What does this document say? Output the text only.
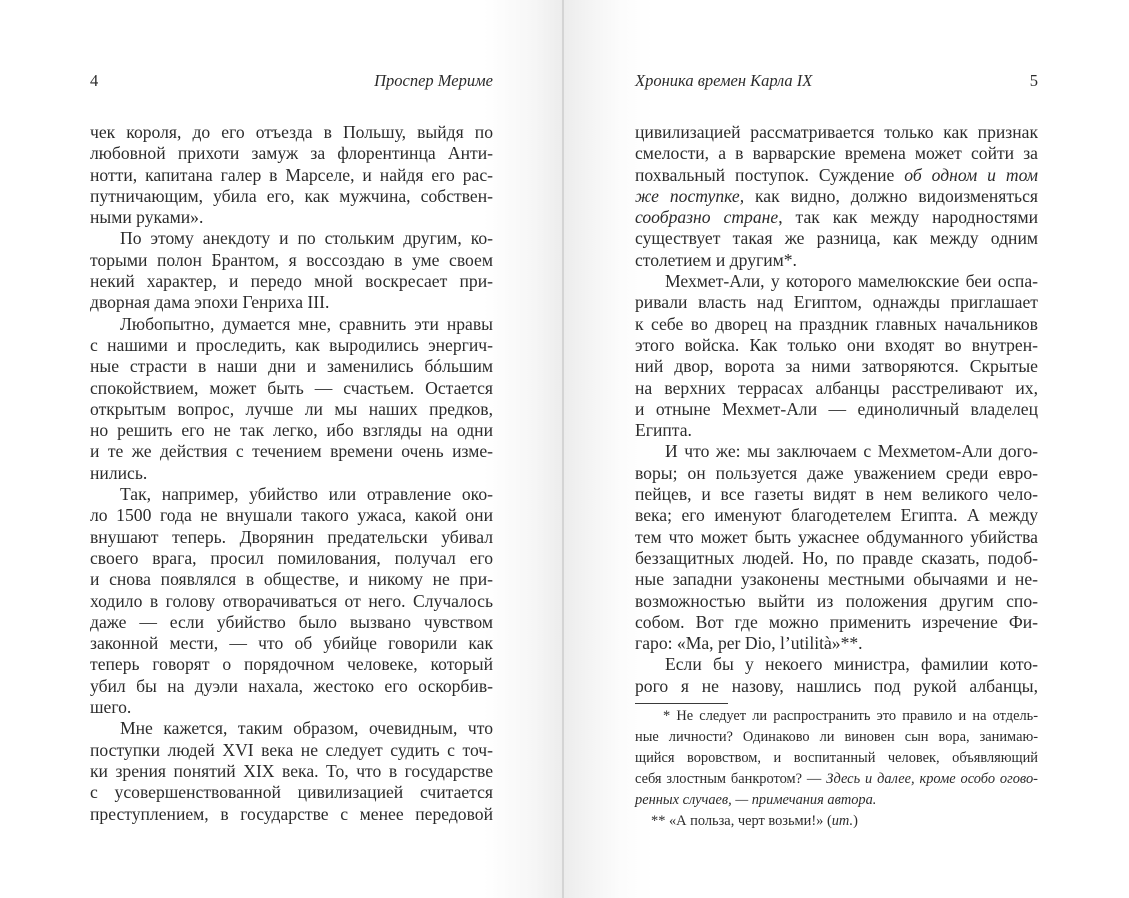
4	Проспер Мериме
чек короля, до его отъезда в Польшу, выйдя по
любовной прихоти замуж за флорентинца Анти-
нотти, капитана галер в Марселе, и найдя его рас-
путничающим, убила его, как мужчина, собствен-
ными руками».
По этому анекдоту и по стольким другим, ко-
торыми полон Брантом, я воссоздаю в уме своем
некий характер, и передо мной воскресает при-
дворная дама эпохи Генриха III.
Любопытно, думается мне, сравнить эти нравы
с нашими и проследить, как выродились энергич-
ные страсти в наши дни и заменились бóльшим
спокойствием, может быть — счастьем. Остается
открытым вопрос, лучше ли мы наших предков,
но решить его не так легко, ибо взгляды на одни
и те же действия с течением времени очень изме-
нились.
Так, например, убийство или отравление око-
ло 1500 года не внушали такого ужаса, какой они
внушают теперь. Дворянин предательски убивал
своего врага, просил помилования, получал его
и снова появлялся в обществе, и никому не при-
ходило в голову отворачиваться от него. Случалось
даже — если убийство было вызвано чувством
законной мести, — что об убийце говорили как
теперь говорят о порядочном человеке, который
убил бы на дуэли нахала, жестоко его оскорбив-
шего.
Мне кажется, таким образом, очевидным, что
поступки людей XVI века не следует судить с точ-
ки зрения понятий XIX века. То, что в государстве
с усовершенствованной цивилизацией считается
преступлением, в государстве с менее передовой
Хроника времен Карла IX	5
цивилизацией рассматривается только как признак
смелости, а в варварские времена может сойти за
похвальный поступок. Суждение об одном и том
же поступке, как видно, должно видоизменяться
сообразно стране, так как между народностями
существует такая же разница, как между одним
столетием и другим*.
Мехмет-Али, у которого мамелюкские беи оспа-
ривали власть над Египтом, однажды приглашает
к себе во дворец на праздник главных начальников
этого войска. Как только они входят во внутрен-
ний двор, ворота за ними затворяются. Скрытые
на верхних террасах албанцы расстреливают их,
и отныне Мехмет-Али — единоличный владелец
Египта.
И что же: мы заключаем с Мехметом-Али дого-
воры; он пользуется даже уважением среди евро-
пейцев, и все газеты видят в нем великого чело-
века; его именуют благодетелем Египта. А между
тем что может быть ужаснее обдуманного убийства
беззащитных людей. Но, по правде сказать, подоб-
ные западни узаконены местными обычаями и не-
возможностью выйти из положения другим спо-
собом. Вот где можно применить изречение Фи-
гаро: «Ma, per Dio, l’utilità»**.
Если бы у некоего министра, фамилии кото-
рого я не назову, нашлись под рукой албанцы,
* Не следует ли распространить это правило и на отдель-
ные личности? Одинаково ли виновен сын вора, занимаю-
щийся воровством, и воспитанный человек, объявляющий
себя злостным банкротом? — Здесь и далее, кроме особо огово-
ренных случаев, — примечания автора.
** «А польза, черт возьми!» (ит.)
